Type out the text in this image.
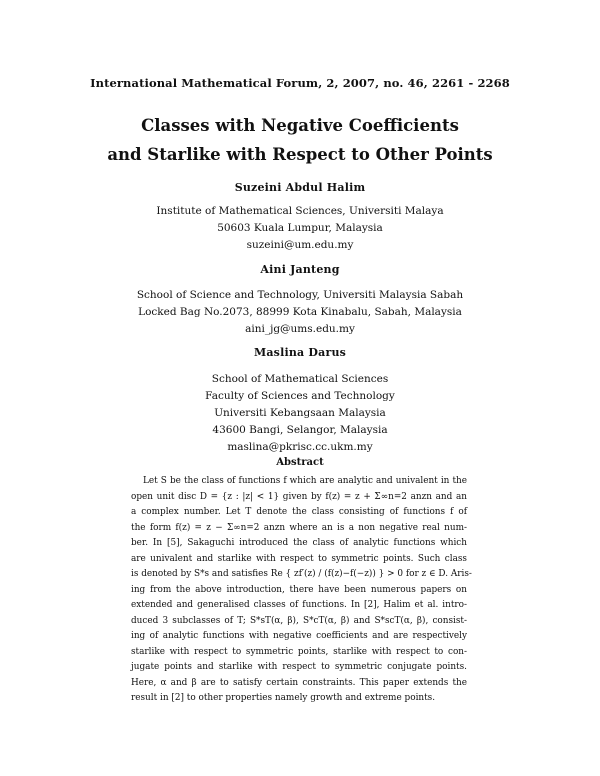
International Mathematical Forum, 2, 2007, no. 46, 2261 - 2268
Classes with Negative Coefficients
and Starlike with Respect to Other Points
Suzeini Abdul Halim
Institute of Mathematical Sciences, Universiti Malaya
50603 Kuala Lumpur, Malaysia
suzeini@um.edu.my
Aini Janteng
School of Science and Technology, Universiti Malaysia Sabah
Locked Bag No.2073, 88999 Kota Kinabalu, Sabah, Malaysia
aini_jg@ums.edu.my
Maslina Darus
School of Mathematical Sciences
Faculty of Sciences and Technology
Universiti Kebangsaan Malaysia
43600 Bangi, Selangor, Malaysia
maslina@pkrisc.cc.ukm.my
Abstract
Let S be the class of functions f which are analytic and univalent in the
open unit disc D = {z : |z| < 1} given by f(z) = z + Σ∞n=2 anzn and an
a complex number. Let T denote the class consisting of functions f of
the form f(z) = z − Σ∞n=2 anzn where an is a non negative real num-
ber. In [5], Sakaguchi introduced the class of analytic functions which
are univalent and starlike with respect to symmetric points. Such class
is denoted by S*s and satisfies Re { zf′(z) / (f(z)−f(−z)) } > 0 for z ∈ D. Aris-
ing from the above introduction, there have been numerous papers on
extended and generalised classes of functions. In [2], Halim et al. intro-
duced 3 subclasses of T; S*sT(α, β), S*cT(α, β) and S*scT(α, β), consist-
ing of analytic functions with negative coefficients and are respectively
starlike with respect to symmetric points, starlike with respect to con-
jugate points and starlike with respect to symmetric conjugate points.
Here, α and β are to satisfy certain constraints. This paper extends the
result in [2] to other properties namely growth and extreme points.
